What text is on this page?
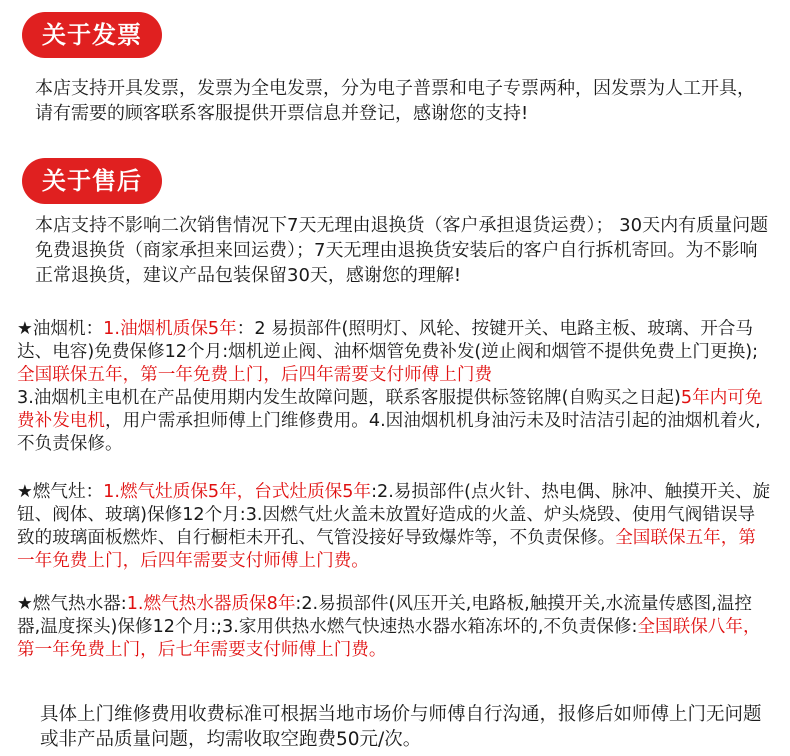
关于发票

本店支持开具发票，发票为全电发票，分为电子普票和电子专票两种，因发票为人工开具，请有需要的顾客联系客服提供开票信息并登记，感谢您的支持!

关于售后

本店支持不影响二次销售情况下7天无理由退换货（客户承担退货运费）； 30天内有质量问题免费退换货（商家承担来回运费）；7天无理由退换货安装后的客户自行拆机寄回。为不影响正常退换货，建议产品包装保留30天，感谢您的理解!

★油烟机：1.油烟机质保5年：2 易损部件(照明灯、风轮、按键开关、电路主板、玻璃、开合马达、电容)免费保修12个月:烟机逆止阀、油杯烟管免费补发(逆止阀和烟管不提供免费上门更换);全国联保五年，第一年免费上门，后四年需要支付师傅上门费
3.油烟机主电机在产品使用期内发生故障问题，联系客服提供标签铭牌(自购买之日起)5年内可免费补发电机，用户需承担师傅上门维修费用。4.因油烟机机身油污未及时洁洁引起的油烟机着火,不负责保修。

★燃气灶：1.燃气灶质保5年，台式灶质保5年:2.易损部件(点火针、热电偶、脉冲、触摸开关、旋钮、阀体、玻璃)保修12个月:3.因燃气灶火盖未放置好造成的火盖、炉头烧毁、使用气阀错误导致的玻璃面板燃炸、自行橱柜未开孔、气管没接好导致爆炸等，不负责保修。全国联保五年，第一年免费上门，后四年需要支付师傅上门费。

★燃气热水器:1.燃气热水器质保8年:2.易损部件(风压开关,电路板,触摸开关,水流量传感图,温控器,温度探头)保修12个月:;3.家用供热水燃气快速热水器水箱冻坏的,不负责保修:全国联保八年，第一年免费上门，后七年需要支付师傅上门费。

具体上门维修费用收费标准可根据当地市场价与师傅自行沟通，报修后如师傅上门无问题或非产品质量问题，均需收取空跑费50元/次。
